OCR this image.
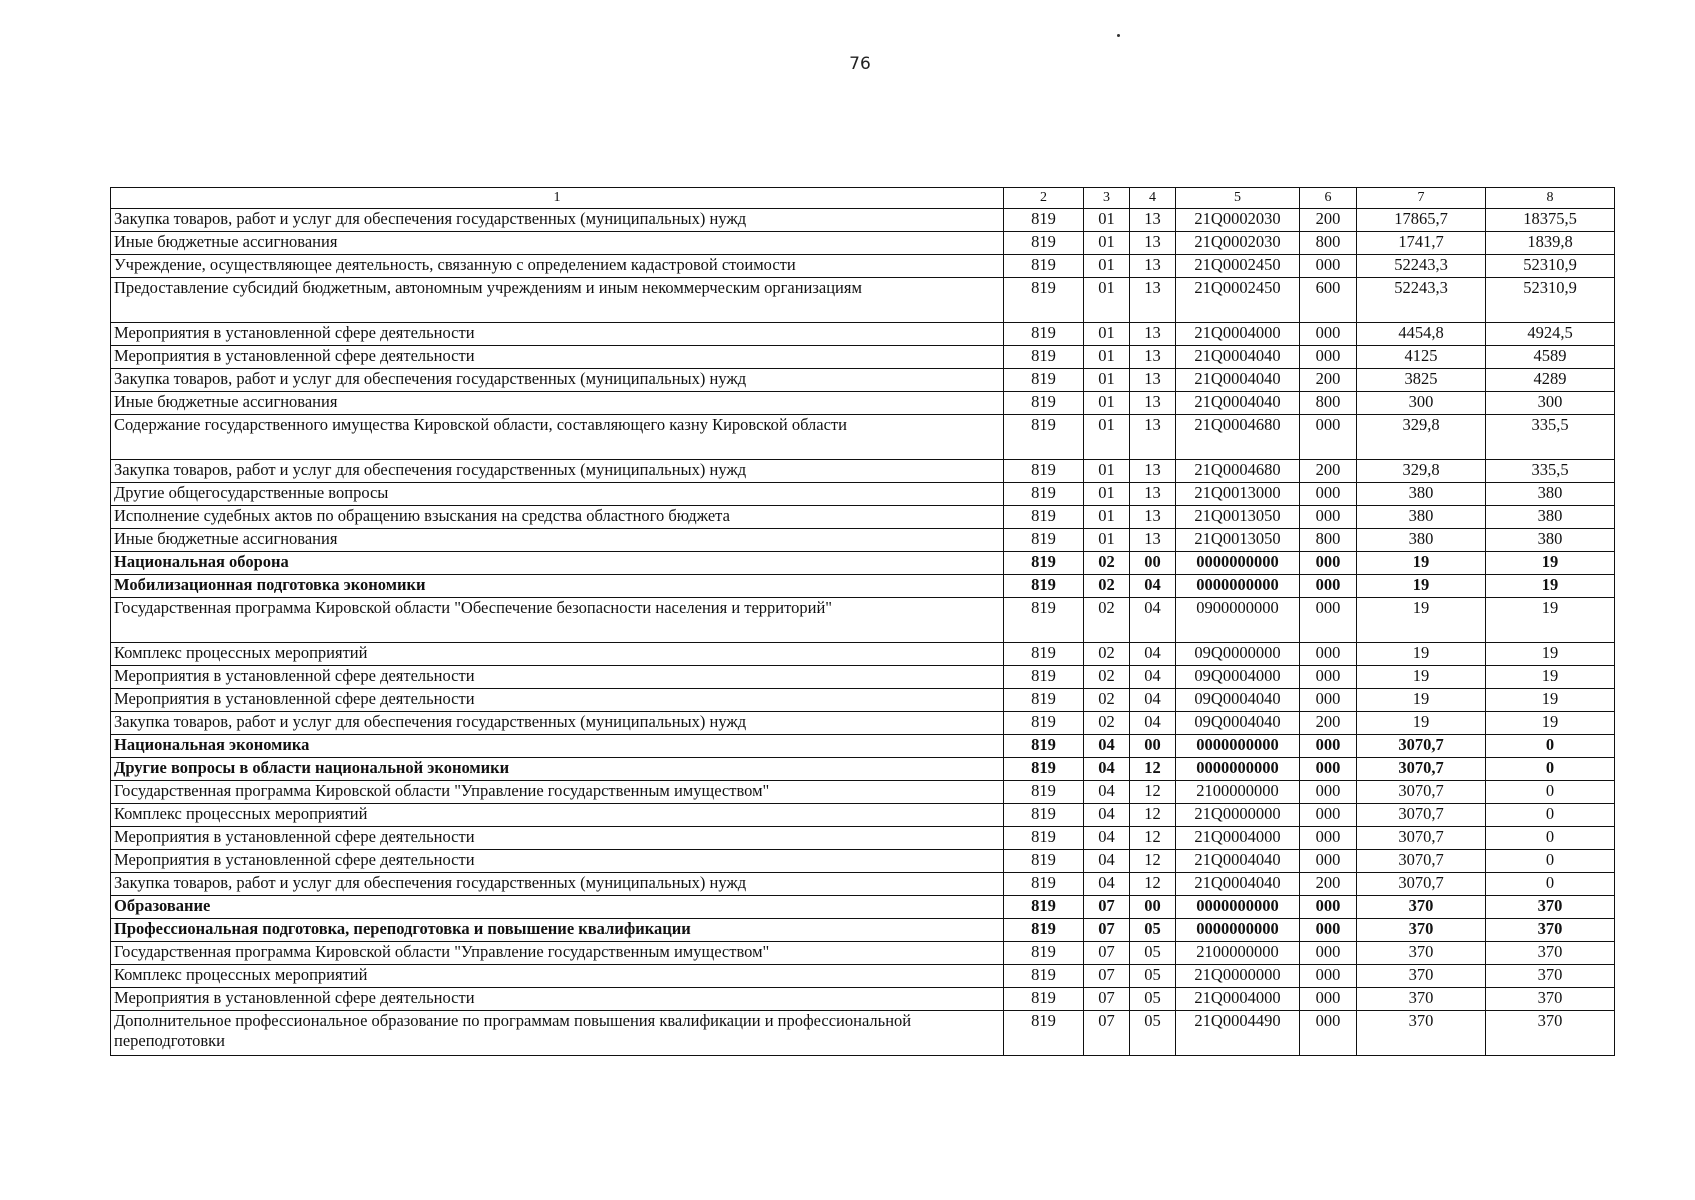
76
1	2	3	4	5	6	7	8
Закупка товаров, работ и услуг для обеспечения государственных (муниципальных) нужд	819	01	13	21Q0002030	200	17865,7	18375,5
Иные бюджетные ассигнования	819	01	13	21Q0002030	800	1741,7	1839,8
Учреждение, осуществляющее деятельность, связанную с определением кадастровой стоимости	819	01	13	21Q0002450	000	52243,3	52310,9
Предоставление субсидий бюджетным, автономным учреждениям и иным некоммерческим организациям	819	01	13	21Q0002450	600	52243,3	52310,9
Мероприятия в установленной сфере деятельности	819	01	13	21Q0004000	000	4454,8	4924,5
Мероприятия в установленной сфере деятельности	819	01	13	21Q0004040	000	4125	4589
Закупка товаров, работ и услуг для обеспечения государственных (муниципальных) нужд	819	01	13	21Q0004040	200	3825	4289
Иные бюджетные ассигнования	819	01	13	21Q0004040	800	300	300
Содержание государственного имущества Кировской области, составляющего казну Кировской области	819	01	13	21Q0004680	000	329,8	335,5
Закупка товаров, работ и услуг для обеспечения государственных (муниципальных) нужд	819	01	13	21Q0004680	200	329,8	335,5
Другие общегосударственные вопросы	819	01	13	21Q0013000	000	380	380
Исполнение судебных актов по обращению взыскания на средства областного бюджета	819	01	13	21Q0013050	000	380	380
Иные бюджетные ассигнования	819	01	13	21Q0013050	800	380	380
Национальная оборона	819	02	00	0000000000	000	19	19
Мобилизационная подготовка экономики	819	02	04	0000000000	000	19	19
Государственная программа Кировской области "Обеспечение безопасности населения и территорий"	819	02	04	0900000000	000	19	19
Комплекс процессных мероприятий	819	02	04	09Q0000000	000	19	19
Мероприятия в установленной сфере деятельности	819	02	04	09Q0004000	000	19	19
Мероприятия в установленной сфере деятельности	819	02	04	09Q0004040	000	19	19
Закупка товаров, работ и услуг для обеспечения государственных (муниципальных) нужд	819	02	04	09Q0004040	200	19	19
Национальная экономика	819	04	00	0000000000	000	3070,7	0
Другие вопросы в области национальной экономики	819	04	12	0000000000	000	3070,7	0
Государственная программа Кировской области "Управление государственным имуществом"	819	04	12	2100000000	000	3070,7	0
Комплекс процессных мероприятий	819	04	12	21Q0000000	000	3070,7	0
Мероприятия в установленной сфере деятельности	819	04	12	21Q0004000	000	3070,7	0
Мероприятия в установленной сфере деятельности	819	04	12	21Q0004040	000	3070,7	0
Закупка товаров, работ и услуг для обеспечения государственных (муниципальных) нужд	819	04	12	21Q0004040	200	3070,7	0
Образование	819	07	00	0000000000	000	370	370
Профессиональная подготовка, переподготовка и повышение квалификации	819	07	05	0000000000	000	370	370
Государственная программа Кировской области "Управление государственным имуществом"	819	07	05	2100000000	000	370	370
Комплекс процессных мероприятий	819	07	05	21Q0000000	000	370	370
Мероприятия в установленной сфере деятельности	819	07	05	21Q0004000	000	370	370
Дополнительное профессиональное образование по программам повышения квалификации и профессиональной переподготовки	819	07	05	21Q0004490	000	370	370
